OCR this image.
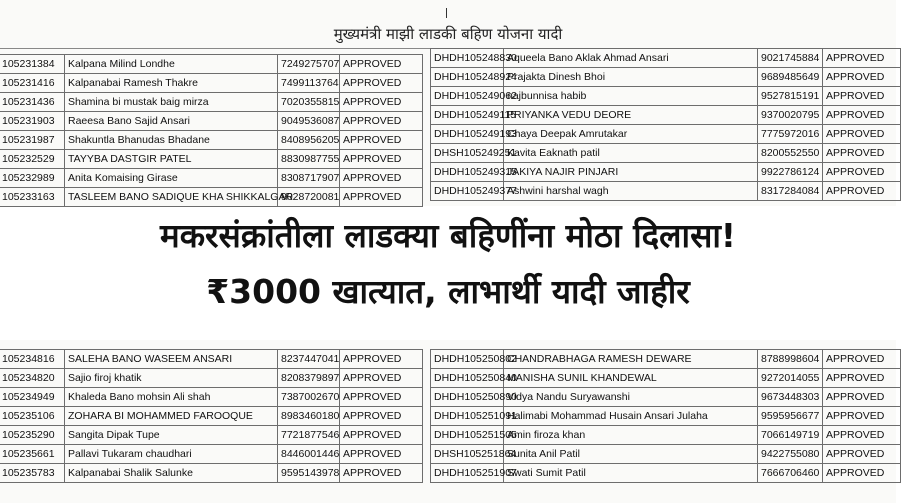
मुख्यमंत्री माझी लाडकी बहिण योजना यादी
105231384	Kalpana Milind Londhe	7249275707	APPROVED
105231416	Kalpanabai Ramesh Thakre	7499113764	APPROVED
105231436	Shamina bi mustak baig mirza	7020355815	APPROVED
105231903	Raeesa Bano Sajid Ansari	9049536087	APPROVED
105231987	Shakuntla Bhanudas Bhadane	8408956205	APPROVED
105232529	TAYYBA DASTGIR PATEL	8830987755	APPROVED
105232989	Anita Komaising Girase	8308717907	APPROVED
105233163	TASLEEM BANO SADIQUE KHA SHIKKALGAR	9028720081	APPROVED
DHDH105248830	Aqueela Bano Aklak Ahmad Ansari	9021745884	APPROVED
DHDH105248924	Prajakta Dinesh Bhoi	9689485649	APPROVED
DHDH105249062	najbunnisa habib	9527815191	APPROVED
DHDH105249115	PRIYANKA VEDU DEORE	9370020795	APPROVED
DHDH105249193	Chaya Deepak Amrutakar	7775972016	APPROVED
DHSH105249251	Kavita Eaknath patil	8200552550	APPROVED
DHDH105249315	JAKIYA NAJIR PINJARI	9922786124	APPROVED
DHDH105249377	Ashwini harshal wagh	8317284084	APPROVED
मकरसंक्रांतीला लाडक्या बहिणींना मोठा दिलासा!
₹3000 खात्यात, लाभार्थी यादी जाहीर
105234816	SALEHA BANO WASEEM ANSARI	8237447041	APPROVED
105234820	Sajio firoj khatik	8208379897	APPROVED
105234949	Khaleda Bano mohsin Ali shah	7387002670	APPROVED
105235106	ZOHARA BI MOHAMMED FAROOQUE	8983460180	APPROVED
105235290	Sangita Dipak Tupe	7721877546	APPROVED
105235661	Pallavi Tukaram chaudhari	8446001446	APPROVED
105235783	Kalpanabai Shalik Salunke	9595143978	APPROVED
DHDH105250802	CHANDRABHAGA RAMESH DEWARE	8788998604	APPROVED
DHDH105250840	MANISHA SUNIL KHANDEWAL	9272014055	APPROVED
DHDH105250890	Vidya Nandu Suryawanshi	9673448303	APPROVED
DHDH105251091	Halimabi Mohammad Husain Ansari Julaha	9595956677	APPROVED
DHDH105251505	Amin firoza khan	7066149719	APPROVED
DHSH105251864	Sunita Anil Patil	9422755080	APPROVED
DHDH105251907	Swati Sumit Patil	7666706460	APPROVED
